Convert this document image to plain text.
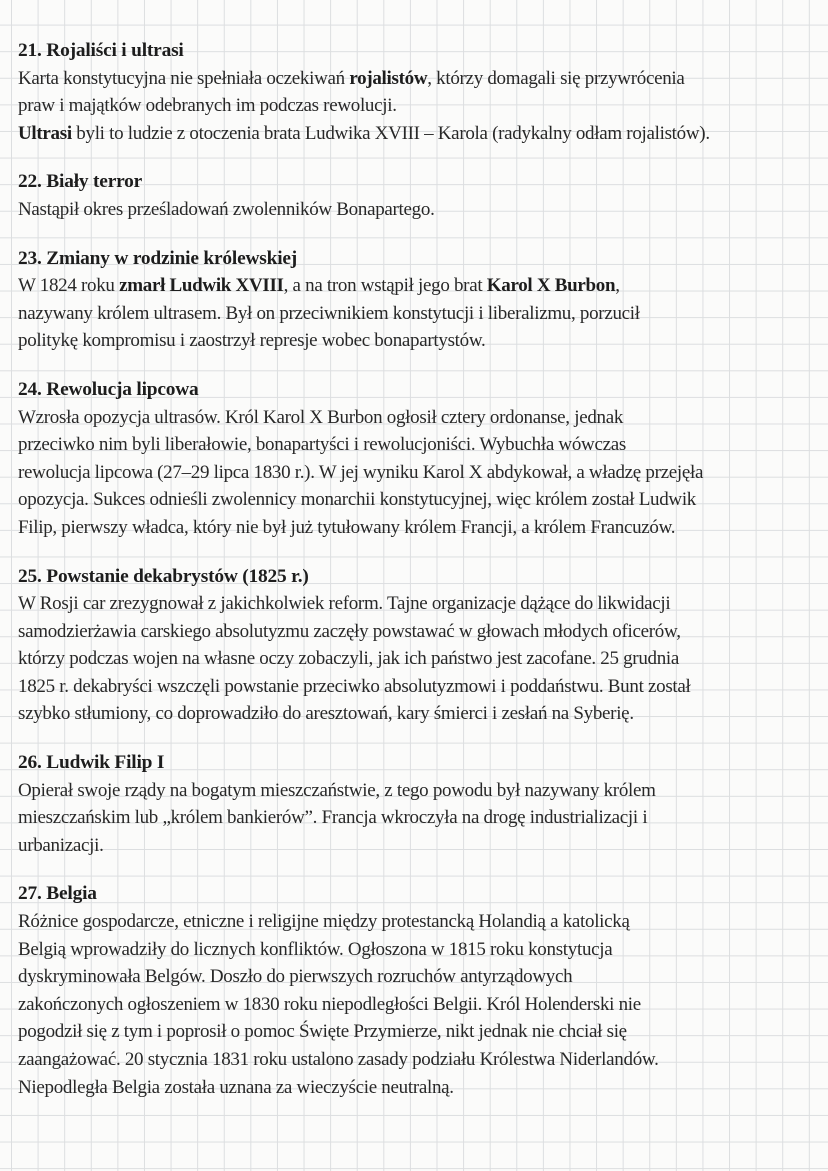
21. Rojaliści i ultrasi
Karta konstytucyjna nie spełniała oczekiwań rojalistów, którzy domagali się przywrócenia
praw i majątków odebranych im podczas rewolucji.
Ultrasi byli to ludzie z otoczenia brata Ludwika XVIII – Karola (radykalny odłam rojalistów).
22. Biały terror
Nastąpił okres prześladowań zwolenników Bonapartego.
23. Zmiany w rodzinie królewskiej
W 1824 roku zmarł Ludwik XVIII, a na tron wstąpił jego brat Karol X Burbon,
nazywany królem ultrasem. Był on przeciwnikiem konstytucji i liberalizmu, porzucił
politykę kompromisu i zaostrzył represje wobec bonapartystów.
24. Rewolucja lipcowa
Wzrosła opozycja ultrasów. Król Karol X Burbon ogłosił cztery ordonanse, jednak
przeciwko nim byli liberałowie, bonapartyści i rewolucjoniści. Wybuchła wówczas
rewolucja lipcowa (27–29 lipca 1830 r.). W jej wyniku Karol X abdykował, a władzę przejęła
opozycja. Sukces odnieśli zwolennicy monarchii konstytucyjnej, więc królem został Ludwik
Filip, pierwszy władca, który nie był już tytułowany królem Francji, a królem Francuzów.
25. Powstanie dekabrystów (1825 r.)
W Rosji car zrezygnował z jakichkolwiek reform. Tajne organizacje dążące do likwidacji
samodzierżawia carskiego absolutyzmu zaczęły powstawać w głowach młodych oficerów,
którzy podczas wojen na własne oczy zobaczyli, jak ich państwo jest zacofane. 25 grudnia
1825 r. dekabryści wszczęli powstanie przeciwko absolutyzmowi i poddaństwu. Bunt został
szybko stłumiony, co doprowadziło do aresztowań, kary śmierci i zesłań na Syberię.
26. Ludwik Filip I
Opierał swoje rządy na bogatym mieszczaństwie, z tego powodu był nazywany królem
mieszczańskim lub „królem bankierów”. Francja wkroczyła na drogę industrializacji i
urbanizacji.
27. Belgia
Różnice gospodarcze, etniczne i religijne między protestancką Holandią a katolicką
Belgią wprowadziły do licznych konfliktów. Ogłoszona w 1815 roku konstytucja
dyskryminowała Belgów. Doszło do pierwszych rozruchów antyrządowych
zakończonych ogłoszeniem w 1830 roku niepodległości Belgii. Król Holenderski nie
pogodził się z tym i poprosił o pomoc Święte Przymierze, nikt jednak nie chciał się
zaangażować. 20 stycznia 1831 roku ustalono zasady podziału Królestwa Niderlandów.
Niepodległa Belgia została uznana za wieczyście neutralną.
